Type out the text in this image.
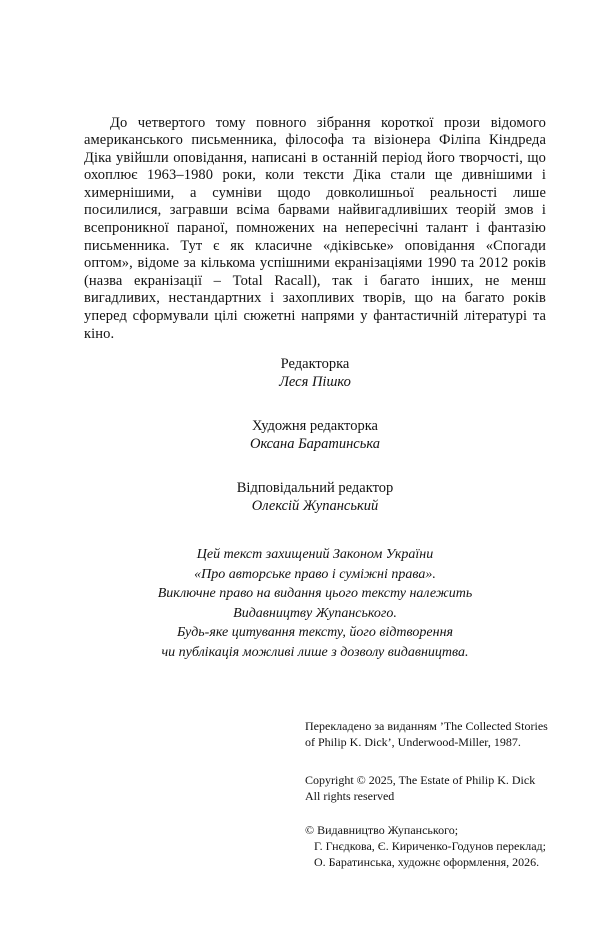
До четвертого тому повного зібрання короткої прози відомого американського письменника, філософа та візіонера Філіпа Кіндреда Діка увійшли оповідання, написані в останній період його творчості, що охоплює 1963–1980 роки, коли тексти Діка стали ще дивнішими і химернішими, а сумніви щодо довколишньої реальності лише посилилися, загравши всіма барвами найвигадливіших теорій змов і всепроникної параної, помножених на непересічні талант і фантазію письменника. Тут є як класичне «діківське» оповідання «Спогади оптом», відоме за кількома успішними екранізаціями 1990 та 2012 років (назва екранізації – Total Racall), так і багато інших, не менш вигадливих, нестандартних і захопливих творів, що на багато років уперед сформували цілі сюжетні напрями у фантастичній літературі та кіно.

Редакторка
Леся Пішко
Художня редакторка
Оксана Баратинська
Відповідальний редактор
Олексій Жупанський
Цей текст захищений Законом України
«Про авторське право і суміжні права».
Виключне право на видання цього тексту належить
Видавництву Жупанського.
Будь-яке цитування тексту, його відтворення
чи публікація можливі лише з дозволу видавництва.
Перекладено за виданням ’The Collected Stories
of Philip K. Dick’, Underwood-Miller, 1987.
Copyright © 2025, The Estate of Philip K. Dick
All rights reserved
© Видавництво Жупанського;
Г. Гнєдкова, Є. Кириченко-Годунов переклад;
О. Баратинська, художнє оформлення, 2026.
